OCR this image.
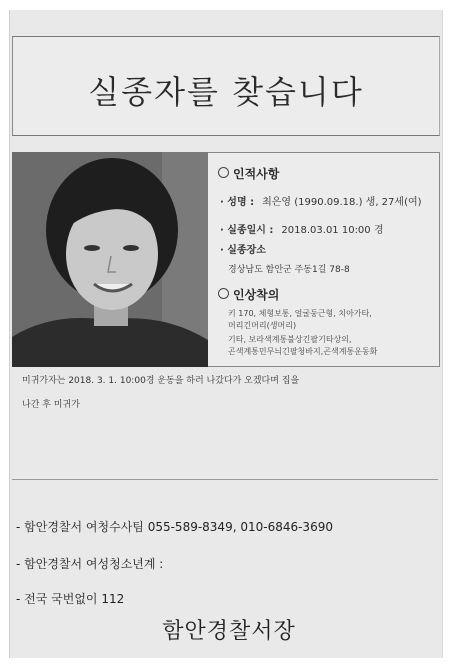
실종자를 찾습니다
인적사항
· 성명 : 최은영 (1990.09.18.) 생, 27세(여)
· 실종일시 : 2018.03.01 10:00 경
· 실종장소
경상남도 함안군 주동1길 78-8
인상착의
키 170, 체형보통, 얼굴둥근형, 치아가타,
머리긴머리(생머리)
기타, 보라색계통불상긴팔기타상의,
곤색계통민무늬긴팔청바지,곤색계통운동화
미귀가자는 2018. 3. 1. 10:00경 운동을 하러 나갔다가 오겠다며 집을
나간 후 미귀가
- 함안경찰서 여청수사팀 055-589-8349, 010-6846-3690
- 함안경찰서 여성청소년계 :
- 전국 국번없이 112
함안경찰서장
